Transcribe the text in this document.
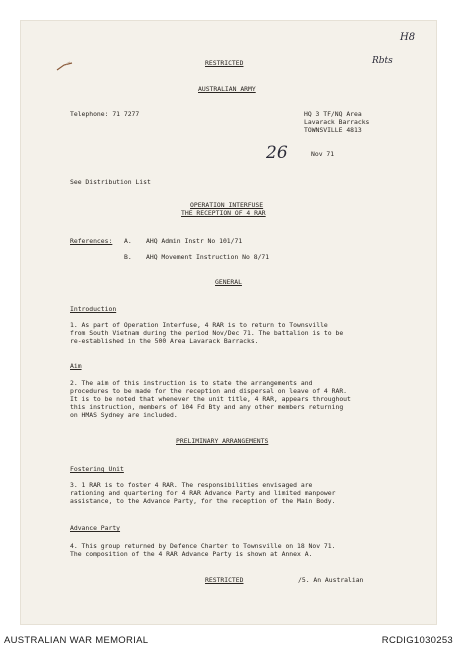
H8
Rbts
RESTRICTED
AUSTRALIAN ARMY
Telephone: 71 7277	HQ 3 TF/NQ Area
Lavarack Barracks
TOWNSVILLE 4813
26	Nov 71
See Distribution List
OPERATION INTERFUSE
THE RECEPTION OF 4 RAR
References: A. AHQ Admin Instr No 101/71
B. AHQ Movement Instruction No 8/71
GENERAL
Introduction
1. As part of Operation Interfuse, 4 RAR is to return to Townsville
from South Vietnam during the period Nov/Dec 71. The battalion is to be
re-established in the 500 Area Lavarack Barracks.
Aim
2. The aim of this instruction is to state the arrangements and
procedures to be made for the reception and dispersal on leave of 4 RAR.
It is to be noted that whenever the unit title, 4 RAR, appears throughout
this instruction, members of 104 Fd Bty and any other members returning
on HMAS Sydney are included.
PRELIMINARY ARRANGEMENTS
Fostering Unit
3. 1 RAR is to foster 4 RAR. The responsibilities envisaged are
rationing and quartering for 4 RAR Advance Party and limited manpower
assistance, to the Advance Party, for the reception of the Main Body.
Advance Party
4. This group returned by Defence Charter to Townsville on 18 Nov 71.
The composition of the 4 RAR Advance Party is shown at Annex A.
RESTRICTED	/5. An Australian
AUSTRALIAN WAR MEMORIAL	RCDIG1030253
